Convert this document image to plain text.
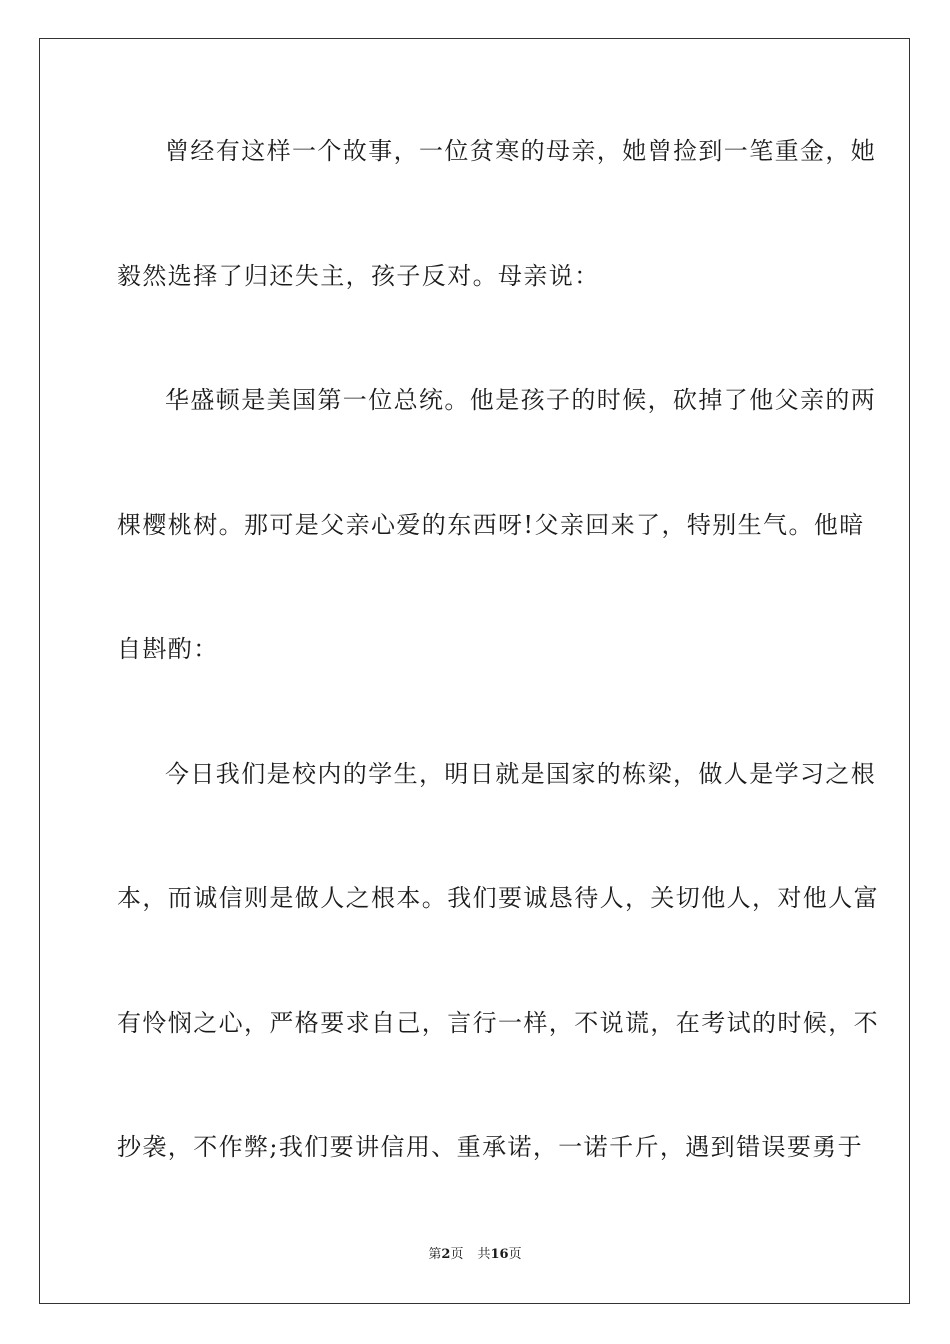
曾经有这样一个故事，一位贫寒的母亲，她曾捡到一笔重金，她
毅然选择了归还失主，孩子反对。母亲说：
华盛顿是美国第一位总统。他是孩子的时候，砍掉了他父亲的两
棵樱桃树。那可是父亲心爱的东西呀!父亲回来了，特别生气。他暗
自斟酌：
今日我们是校内的学生，明日就是国家的栋梁，做人是学习之根
本，而诚信则是做人之根本。我们要诚恳待人，关切他人，对他人富
有怜悯之心，严格要求自己，言行一样，不说谎，在考试的时候，不
抄袭，不作弊;我们要讲信用、重承诺，一诺千斤，遇到错误要勇于
第2页 共16页
